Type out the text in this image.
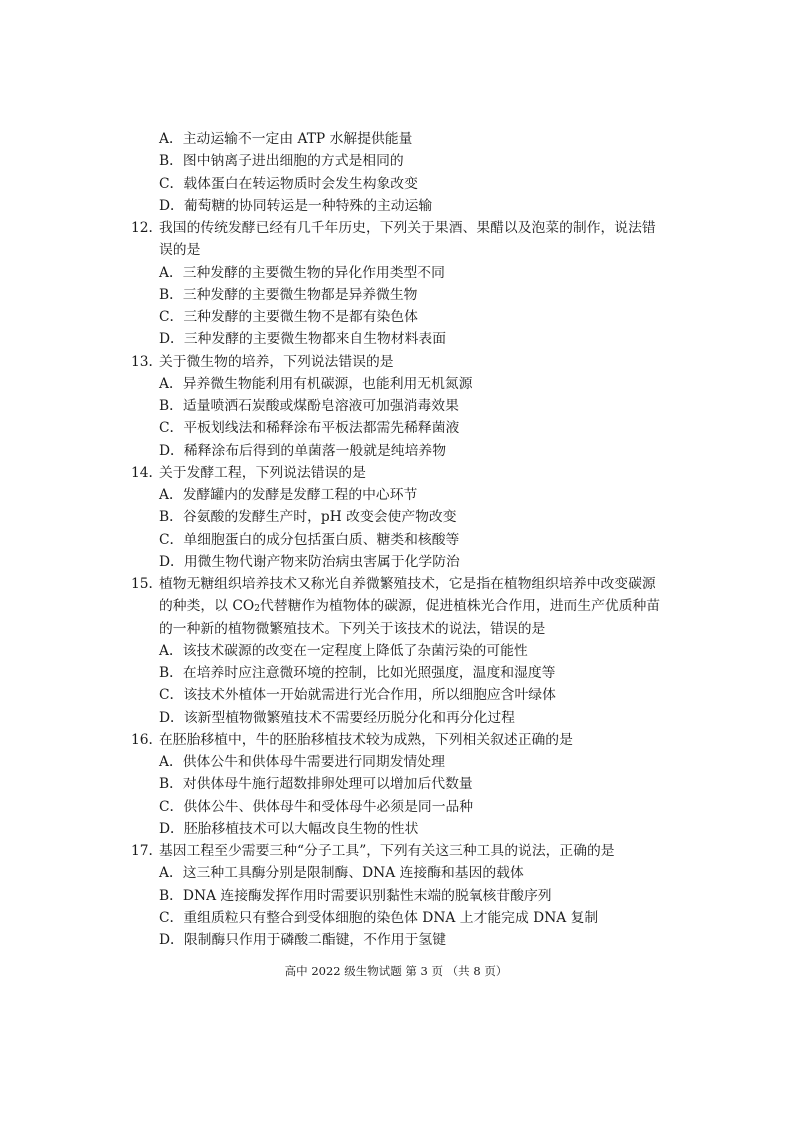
A．主动运输不一定由 ATP 水解提供能量
B．图中钠离子进出细胞的方式是相同的
C．载体蛋白在转运物质时会发生构象改变
D．葡萄糖的协同转运是一种特殊的主动运输
12．
我国的传统发酵已经有几千年历史，下列关于果酒、果醋以及泡菜的制作，说法错
误的是
A．三种发酵的主要微生物的异化作用类型不同
B．三种发酵的主要微生物都是异养微生物
C．三种发酵的主要微生物不是都有染色体
D．三种发酵的主要微生物都来自生物材料表面
13．
关于微生物的培养，下列说法错误的是
A．异养微生物能利用有机碳源，也能利用无机氮源
B．适量喷洒石炭酸或煤酚皂溶液可加强消毒效果
C．平板划线法和稀释涂布平板法都需先稀释菌液
D．稀释涂布后得到的单菌落一般就是纯培养物
14．
关于发酵工程，下列说法错误的是
A．发酵罐内的发酵是发酵工程的中心环节
B．谷氨酸的发酵生产时，pH 改变会使产物改变
C．单细胞蛋白的成分包括蛋白质、糖类和核酸等
D．用微生物代谢产物来防治病虫害属于化学防治
15．
植物无糖组织培养技术又称光自养微繁殖技术，它是指在植物组织培养中改变碳源
的种类，以 $CO_2$代替糖作为植物体的碳源，促进植株光合作用，进而生产优质种苗
的一种新的植物微繁殖技术。下列关于该技术的说法，错误的是
A．该技术碳源的改变在一定程度上降低了杂菌污染的可能性
B．在培养时应注意微环境的控制，比如光照强度，温度和湿度等
C．该技术外植体一开始就需进行光合作用，所以细胞应含叶绿体
D．该新型植物微繁殖技术不需要经历脱分化和再分化过程
16．
在胚胎移植中，牛的胚胎移植技术较为成熟，下列相关叙述正确的是
A．供体公牛和供体母牛需要进行同期发情处理
B．对供体母牛施行超数排卵处理可以增加后代数量
C．供体公牛、供体母牛和受体母牛必须是同一品种
D．胚胎移植技术可以大幅改良生物的性状
17．
基因工程至少需要三种“分子工具”，下列有关这三种工具的说法，正确的是
A．这三种工具酶分别是限制酶、DNA 连接酶和基因的载体
B．DNA 连接酶发挥作用时需要识别黏性末端的脱氧核苷酸序列
C．重组质粒只有整合到受体细胞的染色体 DNA 上才能完成 DNA 复制
D．限制酶只作用于磷酸二酯键，不作用于氢键
高中 2022 级生物试题 第 3 页 （共 8 页）
